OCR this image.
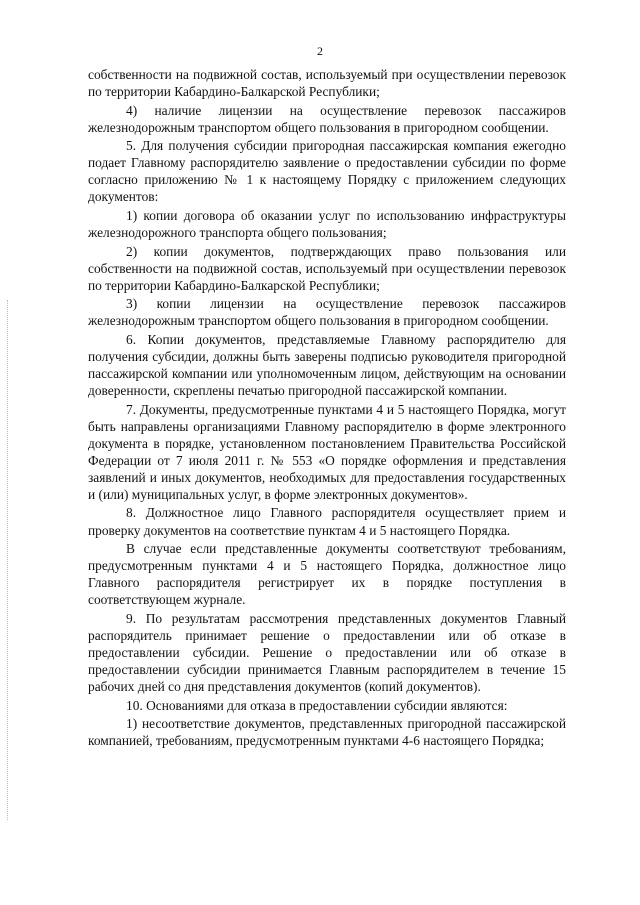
2

собственности на подвижной состав, используемый при осуществлении перевозок по территории Кабардино-Балкарской Республики;

4) наличие лицензии на осуществление перевозок пассажиров железнодорожным транспортом общего пользования в пригородном сообщении.

5. Для получения субсидии пригородная пассажирская компания ежегодно подает Главному распорядителю заявление о предоставлении субсидии по форме согласно приложению № 1 к настоящему Порядку с приложением следующих документов:

1) копии договора об оказании услуг по использованию инфраструктуры железнодорожного транспорта общего пользования;

2) копии документов, подтверждающих право пользования или собственности на подвижной состав, используемый при осуществлении перевозок по территории Кабардино-Балкарской Республики;

3) копии лицензии на осуществление перевозок пассажиров железнодорожным транспортом общего пользования в пригородном сообщении.

6. Копии документов, представляемые Главному распорядителю для получения субсидии, должны быть заверены подписью руководителя пригородной пассажирской компании или уполномоченным лицом, действующим на основании доверенности, скреплены печатью пригородной пассажирской компании.

7. Документы, предусмотренные пунктами 4 и 5 настоящего Порядка, могут быть направлены организациями Главному распорядителю в форме электронного документа в порядке, установленном постановлением Правительства Российской Федерации от 7 июля 2011 г. № 553 «О порядке оформления и представления заявлений и иных документов, необходимых для предоставления государственных и (или) муниципальных услуг, в форме электронных документов».

8. Должностное лицо Главного распорядителя осуществляет прием и проверку документов на соответствие пунктам 4 и 5 настоящего Порядка.

В случае если представленные документы соответствуют требованиям, предусмотренным пунктами 4 и 5 настоящего Порядка, должностное лицо Главного распорядителя регистрирует их в порядке поступления в соответствующем журнале.

9. По результатам рассмотрения представленных документов Главный распорядитель принимает решение о предоставлении или об отказе в предоставлении субсидии. Решение о предоставлении или об отказе в предоставлении субсидии принимается Главным распорядителем в течение 15 рабочих дней со дня представления документов (копий документов).

10. Основаниями для отказа в предоставлении субсидии являются:

1) несоответствие документов, представленных пригородной пассажирской компанией, требованиям, предусмотренным пунктами 4-6 настоящего Порядка;
